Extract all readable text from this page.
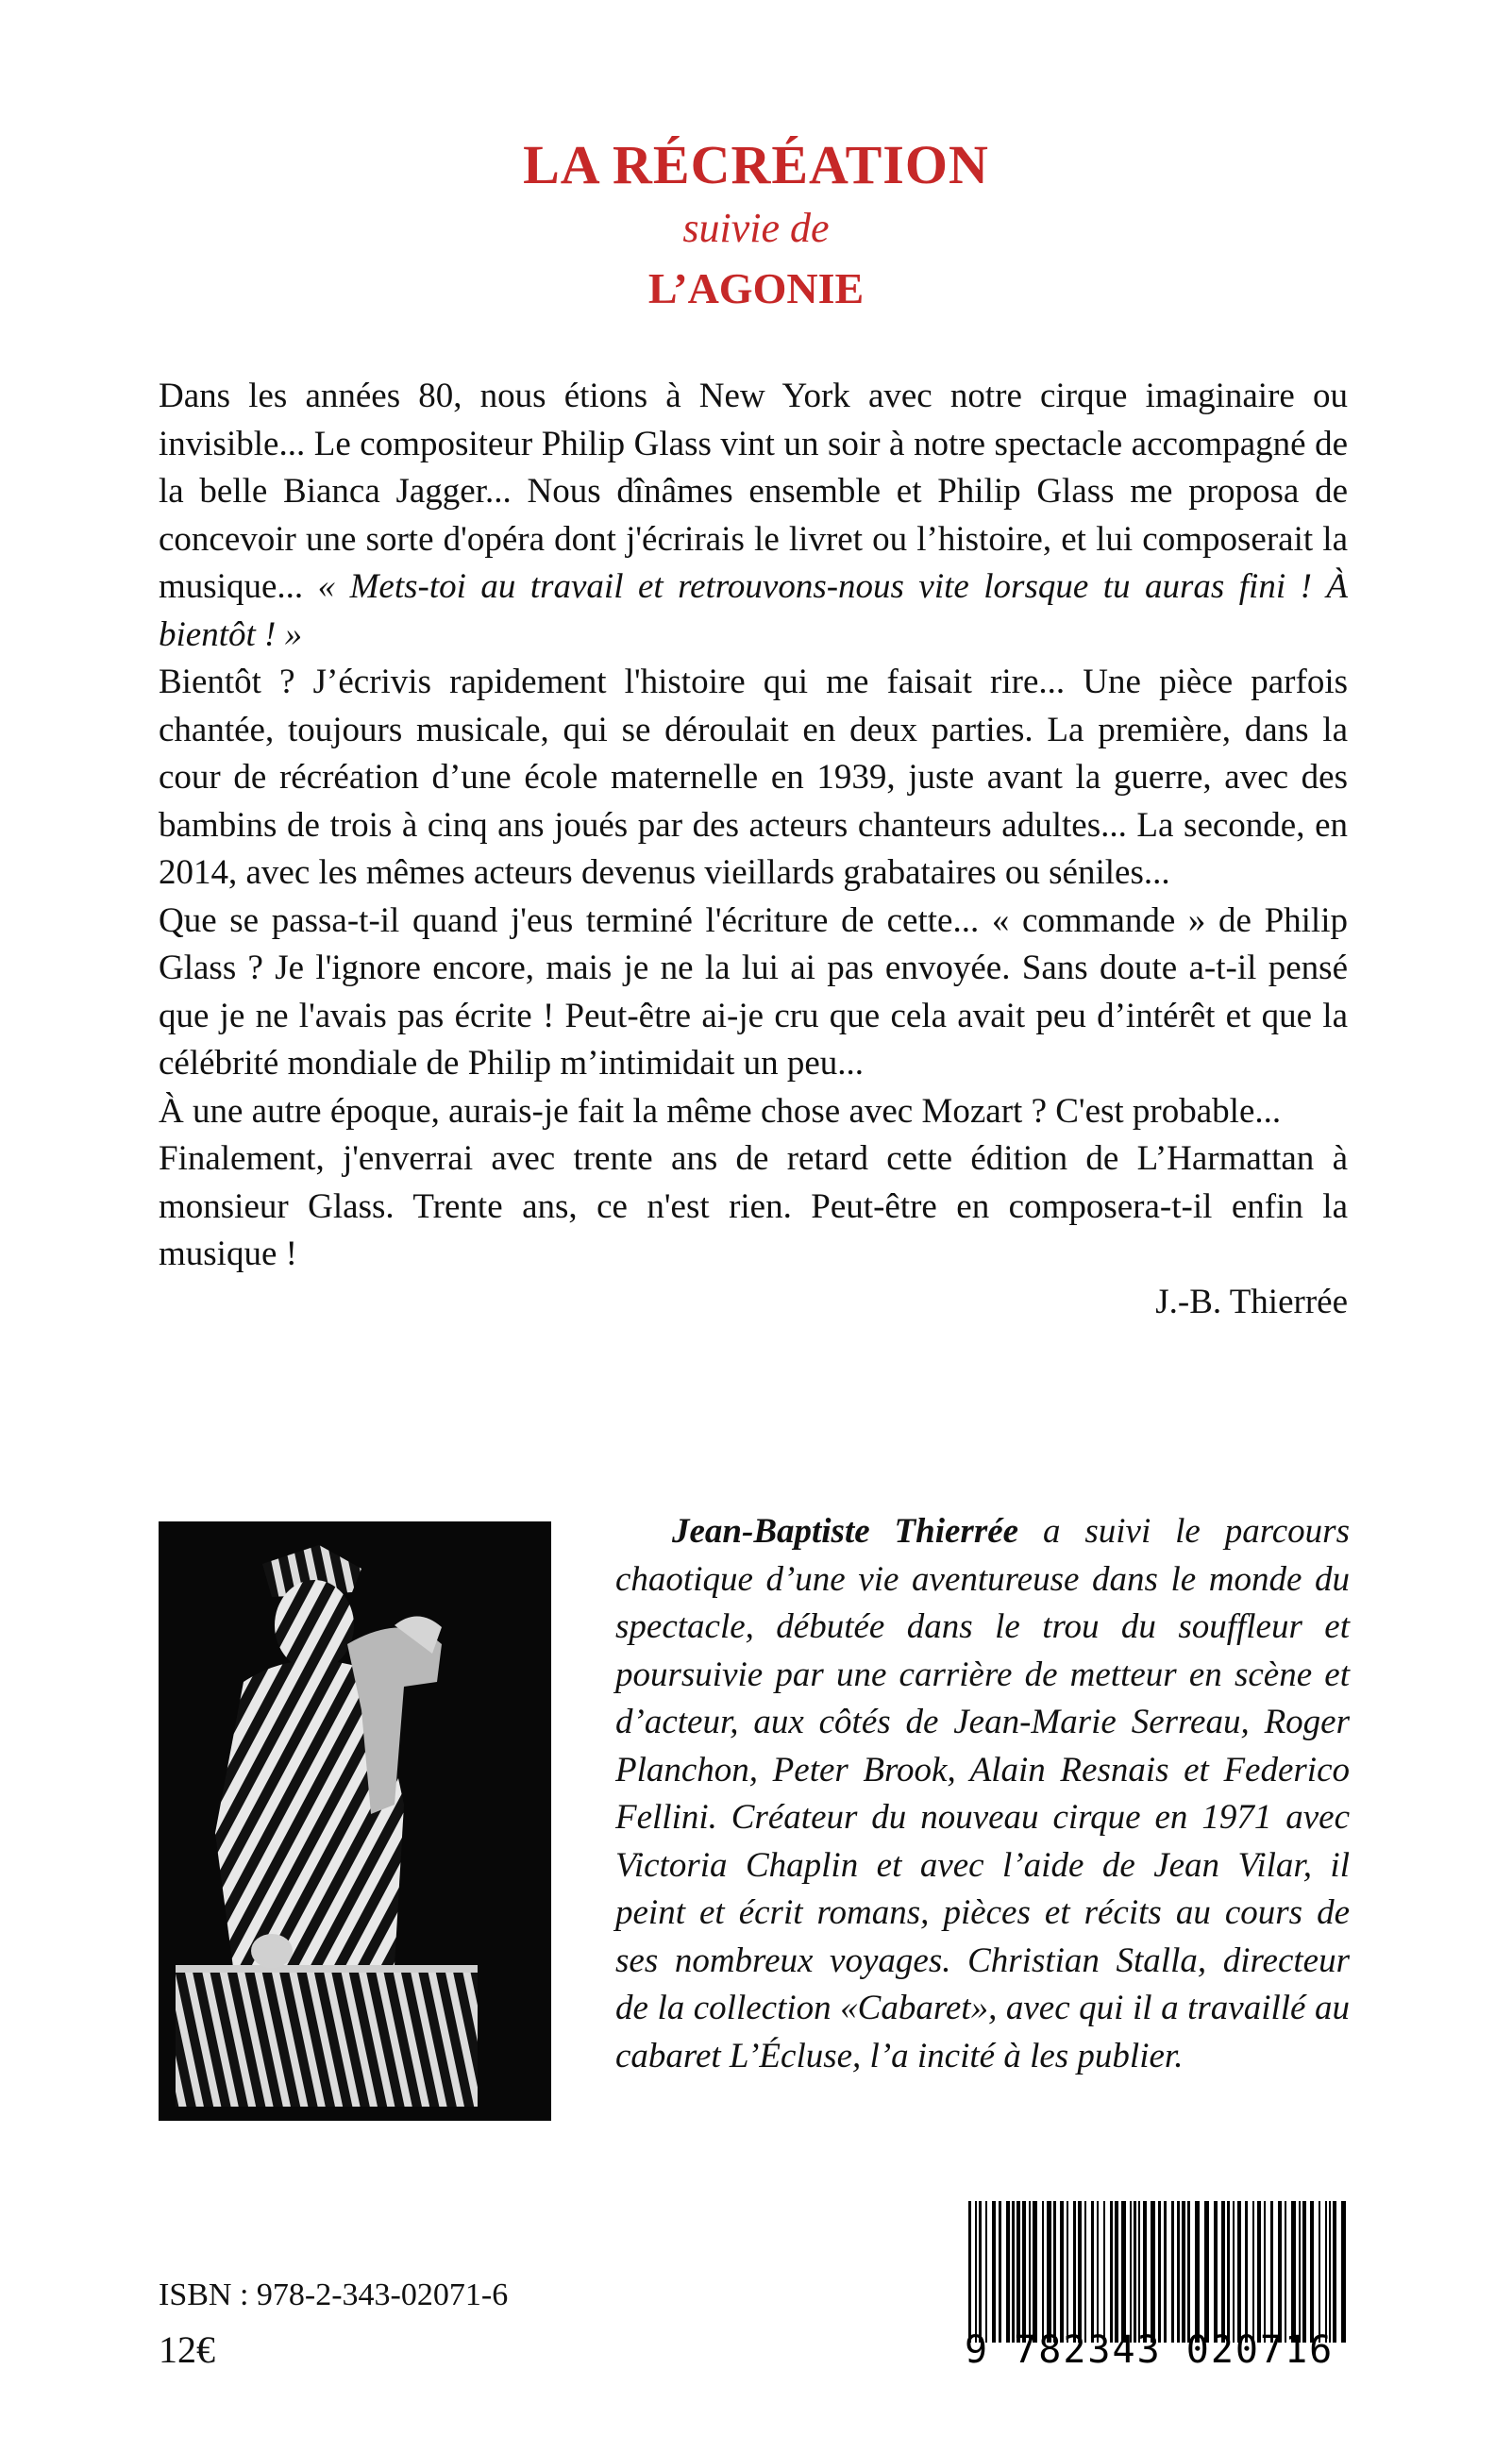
LA RÉCRÉATION
suivie de
L’AGONIE

Dans les années 80, nous étions à New York avec notre cirque imaginaire ou invisible... Le compositeur Philip Glass vint un soir à notre spectacle accompagné de la belle Bianca Jagger... Nous dînâmes ensemble et Philip Glass me proposa de concevoir une sorte d'opéra dont j'écrirais le livret ou l’histoire, et lui composerait la musique... « Mets-toi au travail et retrouvons-nous vite lorsque tu auras fini ! À bientôt ! »

Bientôt ? J’écrivis rapidement l'histoire qui me faisait rire... Une pièce parfois chantée, toujours musicale, qui se déroulait en deux parties. La première, dans la cour de récréation d’une école maternelle en 1939, juste avant la guerre, avec des bambins de trois à cinq ans joués par des acteurs chanteurs adultes... La seconde, en 2014, avec les mêmes acteurs devenus vieillards grabataires ou séniles...

Que se passa-t-il quand j'eus terminé l'écriture de cette... « commande » de Philip Glass ? Je l'ignore encore, mais je ne la lui ai pas envoyée. Sans doute a-t-il pensé que je ne l'avais pas écrite ! Peut-être ai-je cru que cela avait peu d’intérêt et que la célébrité mondiale de Philip m’intimidait un peu...

À une autre époque, aurais-je fait la même chose avec Mozart ? C'est probable...

Finalement, j'enverrai avec trente ans de retard cette édition de L’Harmattan à monsieur Glass. Trente ans, ce n'est rien. Peut-être en composera-t-il enfin la musique !

J.-B. Thierrée

Jean-Baptiste Thierrée a suivi le parcours chaotique d’une vie aventureuse dans le monde du spectacle, débutée dans le trou du souffleur et poursuivie par une carrière de metteur en scène et d’acteur, aux côtés de Jean-Marie Serreau, Roger Planchon, Peter Brook, Alain Resnais et Federico Fellini. Créateur du nouveau cirque en 1971 avec Victoria Chaplin et avec l’aide de Jean Vilar, il peint et écrit romans, pièces et récits au cours de ses nombreux voyages. Christian Stalla, directeur de la collection «Cabaret», avec qui il a travaillé au cabaret L’Écluse, l’a incité à les publier.
ISBN : 978-2-343-02071-6
12€	9 782343 020716
